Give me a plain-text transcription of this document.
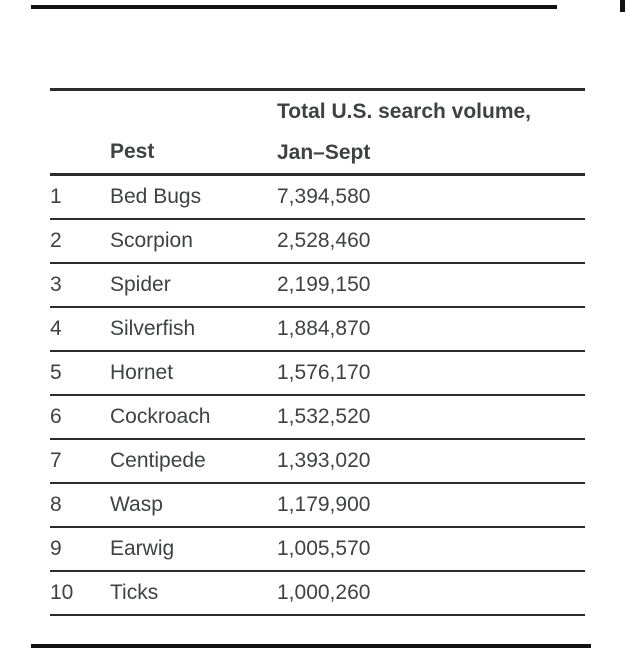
Pest
Total U.S. search volume,
Jan–Sept
1	Bed Bugs	7,394,580
2	Scorpion	2,528,460
3	Spider	2,199,150
4	Silverfish	1,884,870
5	Hornet	1,576,170
6	Cockroach	1,532,520
7	Centipede	1,393,020
8	Wasp	1,179,900
9	Earwig	1,005,570
10	Ticks	1,000,260
